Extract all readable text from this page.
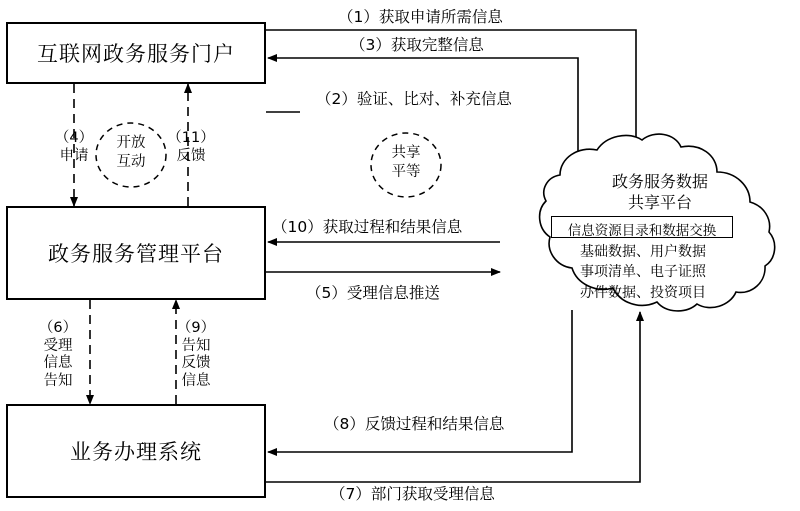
互联网政务服务门户
政务服务管理平台
业务办理系统
政务服务数据
共享平台
信息资源目录和数据交换
基础数据、用户数据
事项清单、电子证照
办件数据、投资项目
开放
互动
共享
平等
（1）获取申请所需信息
（3）获取完整信息
（2）验证、比对、补充信息
（10）获取过程和结果信息
（5）受理信息推送
（8）反馈过程和结果信息
（7）部门获取受理信息
（4）
申请
（11）
反馈
（6）
受理
信息
告知
（9）
告知
反馈
信息
